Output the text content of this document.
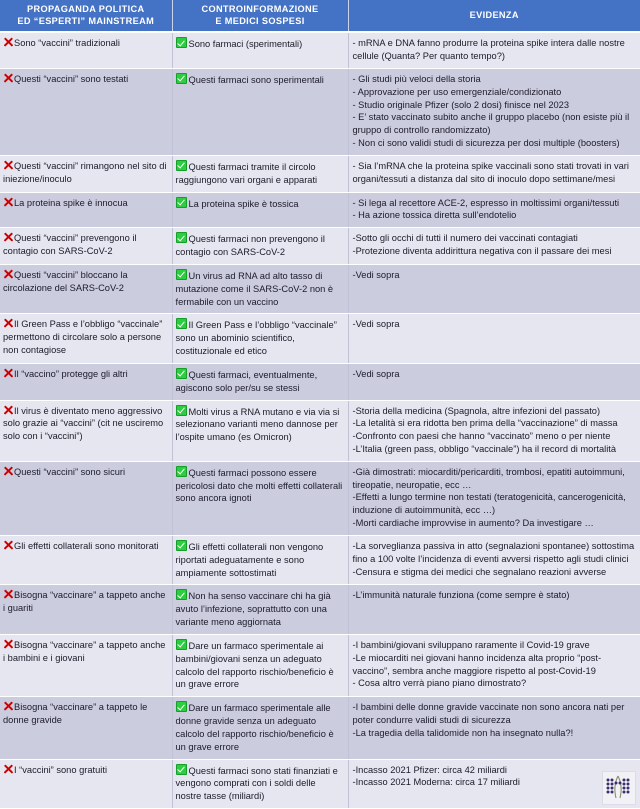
PROPAGANDA POLITICA
ED “ESPERTI” MAINSTREAM	CONTROINFORMAZIONE
E MEDICI SOSPESI	EVIDENZA
Sono “vaccini” tradizionali	Sono farmaci (sperimentali)	- mRNA e DNA fanno produrre la proteina spike intera dalle nostre cellule (Quanta? Per quanto tempo?)

Questi “vaccini” sono testati	Questi farmaci sono sperimentali	- Gli studi più veloci della storia
- Approvazione per uso emergenziale/condizionato
- Studio originale Pfizer (solo 2 dosi) finisce nel 2023
- E’ stato vaccinato subito anche il gruppo placebo (non esiste più il gruppo di controllo randomizzato)
- Non ci sono validi studi di sicurezza per dosi multiple (boosters)

Questi “vaccini” rimangono nel sito di iniezione/inoculo	Questi farmaci tramite il circolo raggiungono vari organi e apparati	- Sia l’mRNA che la proteina spike vaccinali sono stati trovati in vari organi/tessuti a distanza dal sito di inoculo dopo settimane/mesi

La proteina spike è innocua	La proteina spike è tossica	- Si lega al recettore ACE-2, espresso in moltissimi organi/tessuti
- Ha azione tossica diretta sull’endotelio

Questi “vaccini” prevengono il contagio con SARS-CoV-2	Questi farmaci non prevengono il contagio con SARS-CoV-2	-Sotto gli occhi di tutti il numero dei vaccinati contagiati
-Protezione diventa addirittura negativa con il passare dei mesi

Questi “vaccini” bloccano la circolazione del SARS-CoV-2	Un virus ad RNA ad alto tasso di mutazione come il SARS-CoV-2 non è fermabile con un vaccino	-Vedi sopra

Il Green Pass e l’obbligo “vaccinale” permettono di circolare solo a persone non contagiose	Il Green Pass e l’obbligo “vaccinale” sono un abominio scientifico, costituzionale ed etico	-Vedi sopra

Il “vaccino” protegge gli altri	Questi farmaci, eventualmente, agiscono solo per/su se stessi	-Vedi sopra

Il virus è diventato meno aggressivo solo grazie ai “vaccini” (cit ne usciremo solo con i “vaccini”)	Molti virus a RNA mutano e via via si selezionano varianti meno dannose per l’ospite umano (es Omicron)	-Storia della medicina (Spagnola, altre infezioni del passato)
-La letalità si era ridotta ben prima della “vaccinazione” di massa
-Confronto con paesi che hanno “vaccinato” meno o per niente
-L’Italia (green pass, obbligo “vaccinale”) ha il record di mortalità

Questi “vaccini” sono sicuri	Questi farmaci possono essere pericolosi dato che molti effetti collaterali sono ancora ignoti	-Già dimostrati: miocarditi/pericarditi, trombosi, epatiti autoimmuni, tireopatie, neuropatie, ecc …
-Effetti a lungo termine non testati (teratogenicità, cancerogenicità, induzione di autoimmunità, ecc …)
-Morti cardiache improvvise in aumento? Da investigare …

Gli effetti collaterali sono monitorati	Gli effetti collaterali non vengono riportati adeguatamente e sono ampiamente sottostimati	-La sorveglianza passiva in atto (segnalazioni spontanee) sottostima fino a 100 volte l’incidenza di eventi avversi rispetto agli studi clinici
-Censura e stigma dei medici che segnalano reazioni avverse

Bisogna “vaccinare” a tappeto anche i guariti	Non ha senso vaccinare chi ha già avuto l’infezione, soprattutto con una variante meno aggiornata	-L’immunità naturale funziona (come sempre è stato)

Bisogna “vaccinare” a tappeto anche i bambini e i giovani	Dare un farmaco sperimentale ai bambini/giovani senza un adeguato calcolo del rapporto rischio/beneficio è un grave errore	-I bambini/giovani sviluppano raramente il Covid-19 grave
-Le miocarditi nei giovani hanno incidenza alta proprio “post-vaccino”, sembra anche maggiore rispetto al post-Covid-19
- Cosa altro verrà piano piano dimostrato?

Bisogna “vaccinare” a tappeto le donne gravide	Dare un farmaco sperimentale alle donne gravide senza un adeguato calcolo del rapporto rischio/beneficio è un grave errore	-I bambini delle donne gravide vaccinate non sono ancora nati per poter condurre validi studi di sicurezza
-La tragedia della talidomide non ha insegnato nulla?!

I “vaccini” sono gratuiti	Questi farmaci sono stati finanziati e vengono comprati con i soldi delle nostre tasse (miliardi)	-Incasso 2021 Pfizer: circa 42 miliardi
-Incasso 2021 Moderna: circa 17 miliardi
